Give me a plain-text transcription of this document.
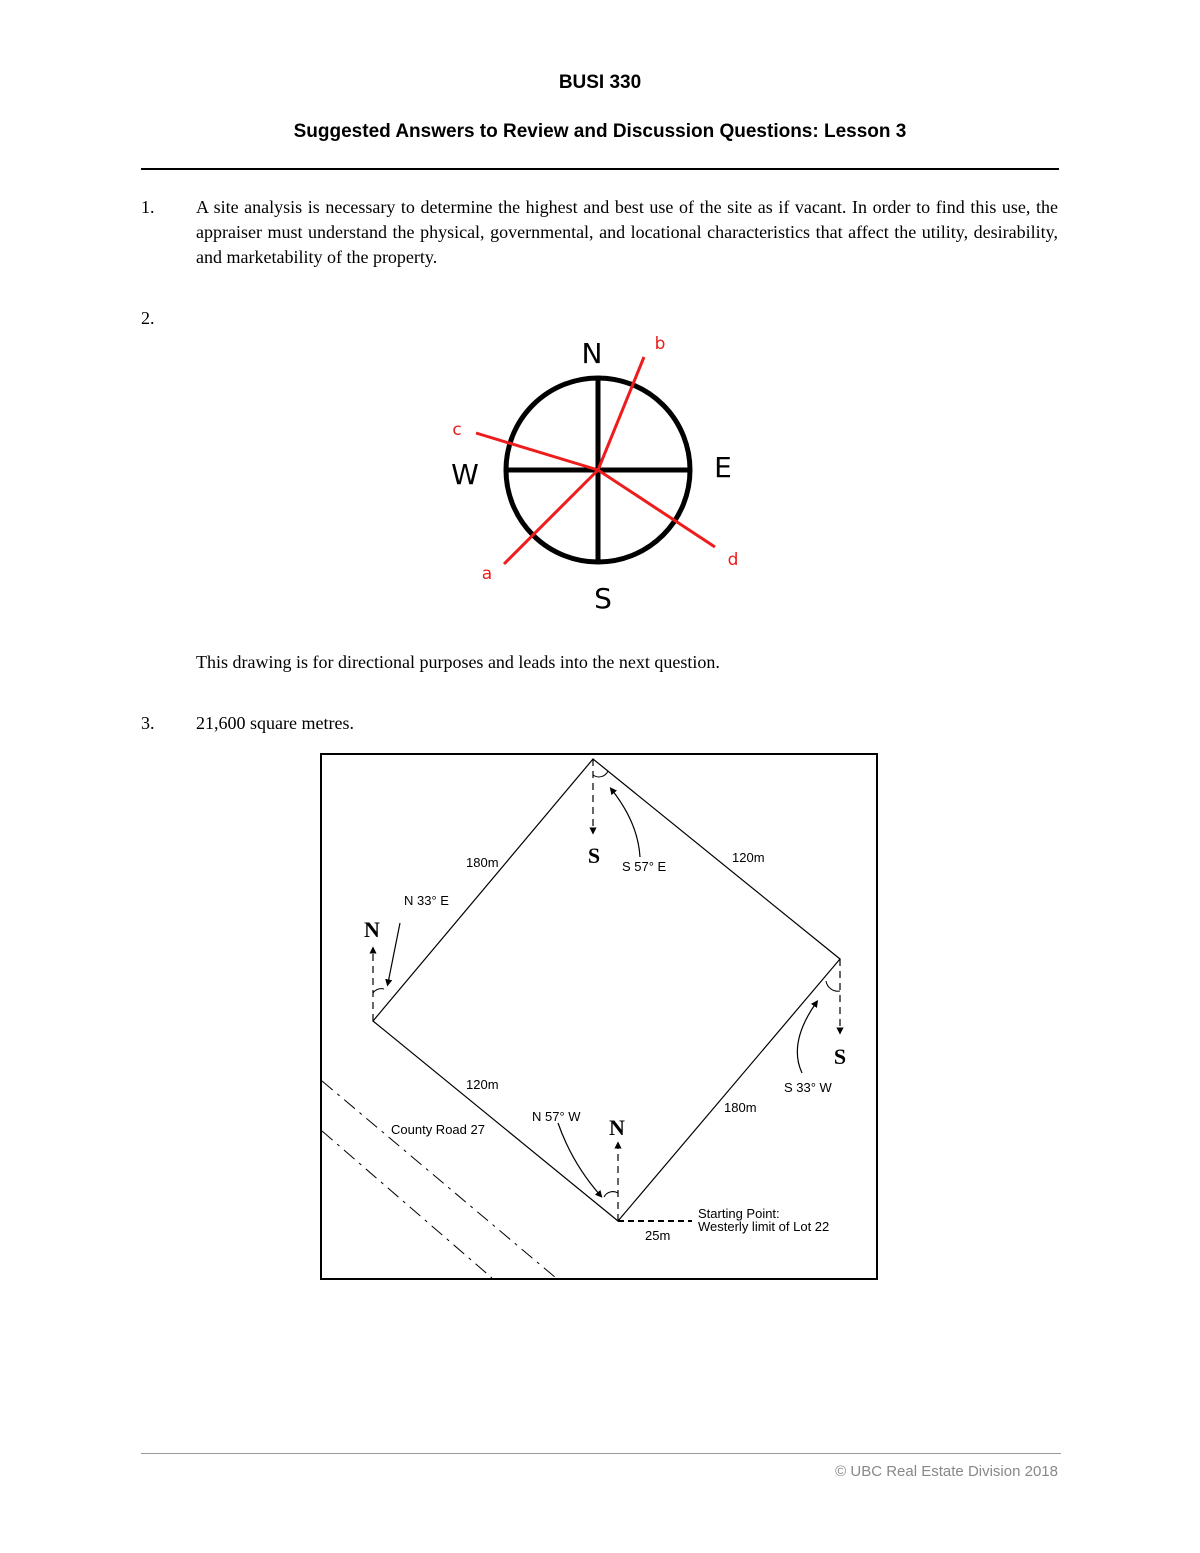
BUSI 330
Suggested Answers to Review and Discussion Questions: Lesson 3
1. A site analysis is necessary to determine the highest and best use of the site as if vacant. In order to find this use, the appraiser must understand the physical, governmental, and locational characteristics that affect the utility, desirability, and marketability of the property.
2.
N
S
E
W
b
c
a
d
This drawing is for directional purposes and leads into the next question.
3. 21,600 square metres.
180m	120m
120m
180m
25m
S 57° E
N 33° E
S 33° W
N 57° W
S
S
N
N
County Road 27
Starting Point:
Westerly limit of Lot 22
© UBC Real Estate Division 2018
